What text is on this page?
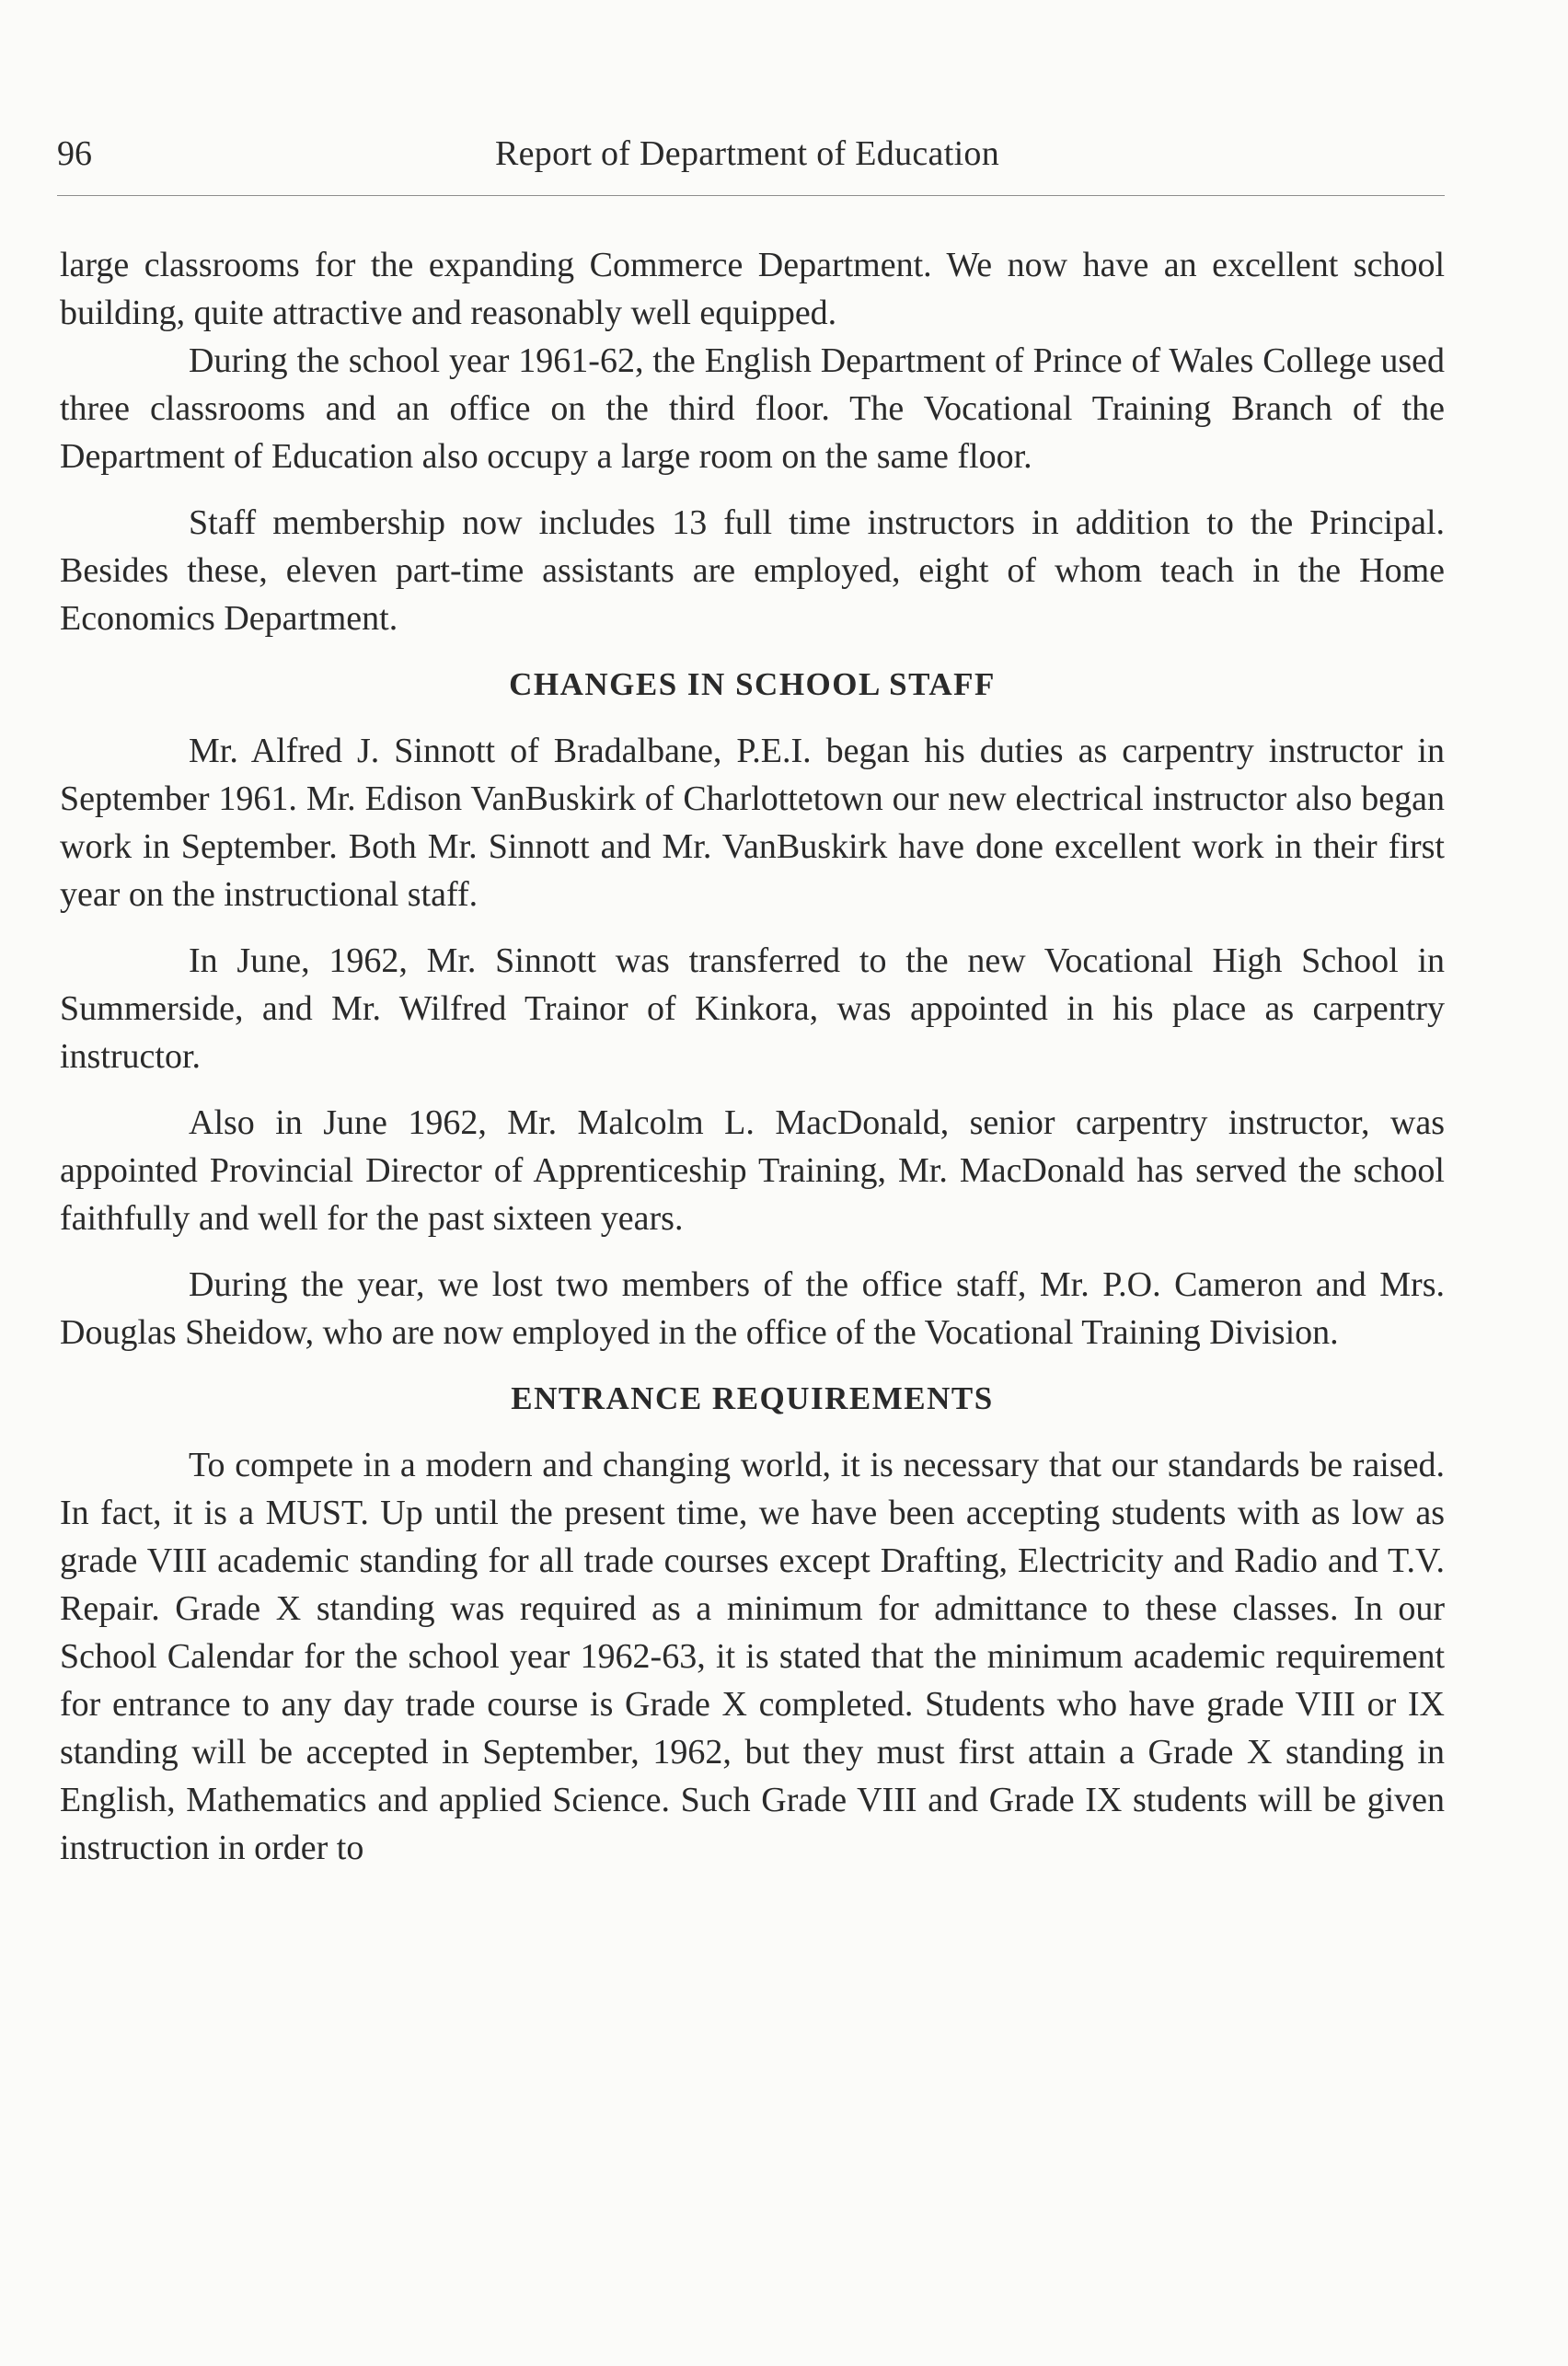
96	Report of Department of Education

large classrooms for the expanding Commerce Department. We now have an excellent school building, quite attractive and reasonably well equipped.

During the school year 1961-62, the English Department of Prince of Wales College used three classrooms and an office on the third floor. The Vocational Training Branch of the Department of Education also occupy a large room on the same floor.

Staff membership now includes 13 full time instructors in addition to the Principal. Besides these, eleven part-time assistants are employed, eight of whom teach in the Home Economics Department.

CHANGES IN SCHOOL STAFF

Mr. Alfred J. Sinnott of Bradalbane, P.E.I. began his duties as carpentry instructor in September 1961. Mr. Edison VanBuskirk of Charlottetown our new electrical instructor also began work in September. Both Mr. Sinnott and Mr. VanBuskirk have done excellent work in their first year on the instructional staff.

In June, 1962, Mr. Sinnott was transferred to the new Vocational High School in Summerside, and Mr. Wilfred Trainor of Kinkora, was appointed in his place as carpentry instructor.

Also in June 1962, Mr. Malcolm L. MacDonald, senior carpentry instructor, was appointed Provincial Director of Apprenticeship Training, Mr. MacDonald has served the school faithfully and well for the past sixteen years.

During the year, we lost two members of the office staff, Mr. P.O. Cameron and Mrs. Douglas Sheidow, who are now employed in the office of the Vocational Training Division.

ENTRANCE REQUIREMENTS

To compete in a modern and changing world, it is necessary that our standards be raised. In fact, it is a MUST. Up until the present time, we have been accepting students with as low as grade VIII academic standing for all trade courses except Drafting, Electricity and Radio and T.V. Repair. Grade X standing was required as a minimum for admittance to these classes. In our School Calendar for the school year 1962-63, it is stated that the minimum academic requirement for entrance to any day trade course is Grade X completed. Students who have grade VIII or IX standing will be accepted in September, 1962, but they must first attain a Grade X standing in English, Mathematics and applied Science. Such Grade VIII and Grade IX students will be given instruction in order to
